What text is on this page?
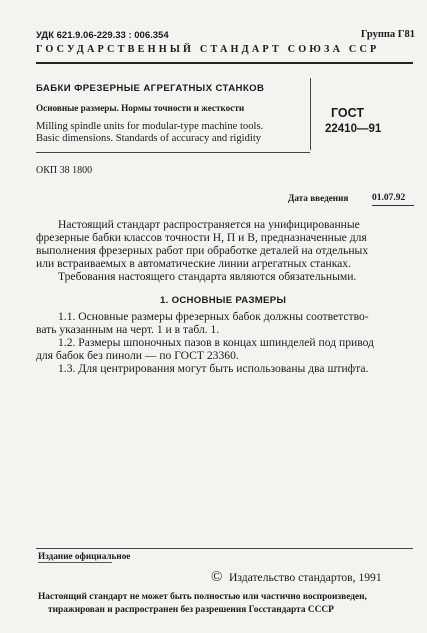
УДК 621.9.06-229.33 : 006.354	Группа Г81
ГОСУДАРСТВЕННЫЙ СТАНДАРТ СОЮЗА ССР
БАБКИ ФРЕЗЕРНЫЕ АГРЕГАТНЫХ СТАНКОВ
Основные размеры. Нормы точности и жесткости
Milling spindle units for modular-type machine tools.
Basic dimensions. Standards of accuracy and rigidity
ГОСТ
22410—91
ОКП 38 1800
Дата введения 01.07.92
Настоящий стандарт распространяется на унифицированные
фрезерные бабки классов точности Н, П и В, предназначенные для
выполнения фрезерных работ при обработке деталей на отдельных
или встраиваемых в автоматические линии агрегатных станках.
Требования настоящего стандарта являются обязательными.
1. ОСНОВНЫЕ РАЗМЕРЫ
1.1. Основные размеры фрезерных бабок должны соответство-
вать указанным на черт. 1 и в табл. 1.
1.2. Размеры шпоночных пазов в концах шпинделей под привод
для бабок без пиноли — по ГОСТ 23360.
1.3. Для центрирования могут быть использованы два штифта.
Издание официальное
© Издательство стандартов, 1991
Настоящий стандарт не может быть полностью или частично воспроизведен,
тиражирован и распространен без разрешения Госстандарта СССР
